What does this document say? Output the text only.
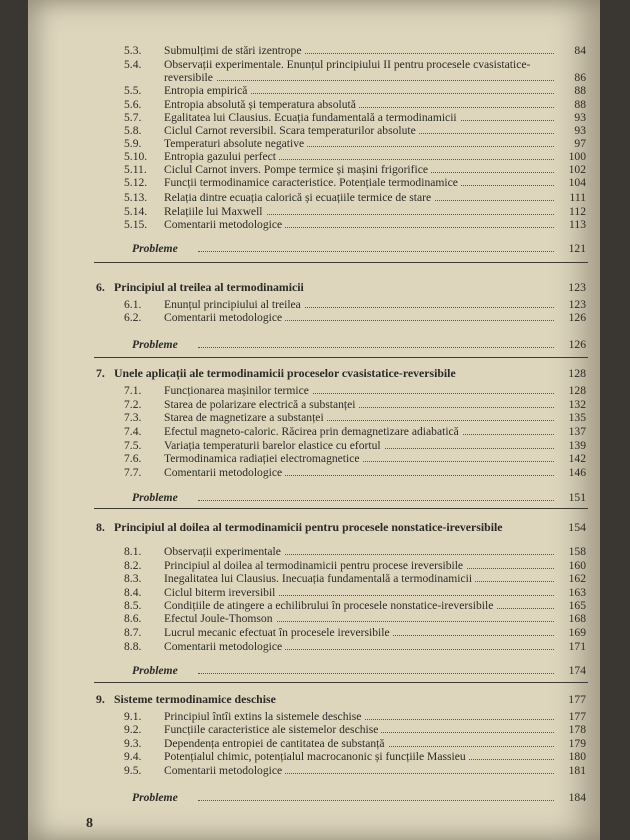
5.3. Submulțimi de stări izentrope	84
5.4. Observații experimentale. Enunțul principiului II pentru procesele cvasistatice-reversibile	86
5.5. Entropia empirică	88
5.6. Entropia absolută și temperatura absolută	88
5.7. Egalitatea lui Clausius. Ecuația fundamentală a termodinamicii	93
5.8. Ciclul Carnot reversibil. Scara temperaturilor absolute	93
5.9. Temperaturi absolute negative	97
5.10. Entropia gazului perfect	100
5.11. Ciclul Carnot invers. Pompe termice și mașini frigorifice	102
5.12. Funcții termodinamice caracteristice. Potențiale termodinamice	104
5.13. Relația dintre ecuația calorică și ecuațiile termice de stare	111
5.14. Relațiile lui Maxwell	112
5.15. Comentarii metodologice	113
Probleme	121
6. Principiul al treilea al termodinamicii	123
6.1. Enunțul principiului al treilea	123
6.2. Comentarii metodologice	126
Probleme	126
7. Unele aplicații ale termodinamicii proceselor cvasistatice-reversibile	128
7.1. Funcționarea mașinilor termice	128
7.2. Starea de polarizare electrică a substanței	132
7.3. Starea de magnetizare a substanței	135
7.4. Efectul magneto-caloric. Răcirea prin demagnetizare adiabatică	137
7.5. Variația temperaturii barelor elastice cu efortul	139
7.6. Termodinamica radiației electromagnetice	142
7.7. Comentarii metodologice	146
Probleme	151
8. Principiul al doilea al termodinamicii pentru procesele nonstatice-ireversibile	154
8.1. Observații experimentale	158
8.2. Principiul al doilea al termodinamicii pentru procese ireversibile	160
8.3. Inegalitatea lui Clausius. Inecuația fundamentală a termodinamicii	162
8.4. Ciclul biterm ireversibil	163
8.5. Condițiile de atingere a echilibrului în procesele nonstatice-ireversibile	165
8.6. Efectul Joule-Thomson	168
8.7. Lucrul mecanic efectuat în procesele ireversibile	169
8.8. Comentarii metodologice	171
Probleme	174
9. Sisteme termodinamice deschise	177
9.1. Principiul întîi extins la sistemele deschise	177
9.2. Funcțiile caracteristice ale sistemelor deschise	178
9.3. Dependența entropiei de cantitatea de substanță	179
9.4. Potențialul chimic, potențialul macrocanonic și funcțiile Massieu	180
9.5. Comentarii metodologice	181
Probleme	184
8
